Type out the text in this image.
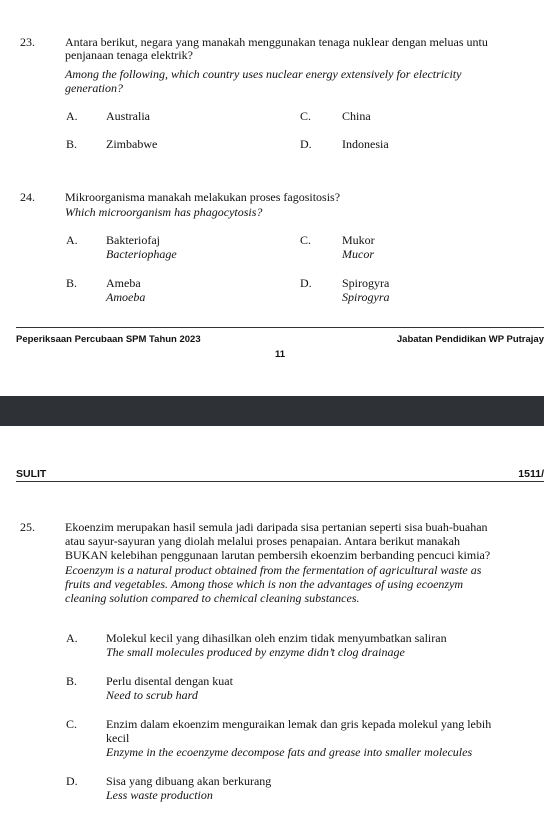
23.	Antara berikut, negara yang manakah menggunakan tenaga nuklear dengan meluas untu
penjanaan tenaga elektrik?
Among the following, which country uses nuclear energy extensively for electricity
generation?
A. Australia
B. Zimbabwe
C.	China
D.	Indonesia
24.	Mikroorganisma manakah melakukan proses fagositosis?
Which microorganism has phagocytosis?
A. Bakteriofaj
Bacteriophage
B. Ameba
Amoeba
C.	Mukor
Mucor
D.	Spirogyra
Spirogyra
Peperiksaan Percubaan SPM Tahun 2023	Jabatan Pendidikan WP Putrajay
11
SULIT	1511/
25.	Ekoenzim merupakan hasil semula jadi daripada sisa pertanian seperti sisa buah-buahan
atau sayur-sayuran yang diolah melalui proses penapaian. Antara berikut manakah
BUKAN kelebihan penggunaan larutan pembersih ekoenzim berbanding pencuci kimia?
Ecoenzym is a natural product obtained from the fermentation of agricultural waste as
fruits and vegetables. Among those which is non the advantages of using ecoenzym
cleaning solution compared to chemical cleaning substances.
A. Molekul kecil yang dihasilkan oleh enzim tidak menyumbatkan saliran
The small molecules produced by enzyme didn’t clog drainage
B. Perlu disental dengan kuat
Need to scrub hard
C. Enzim dalam ekoenzim menguraikan lemak dan gris kepada molekul yang lebih
kecil
Enzyme in the ecoenzyme decompose fats and grease into smaller molecules
D. Sisa yang dibuang akan berkurang
Less waste production
